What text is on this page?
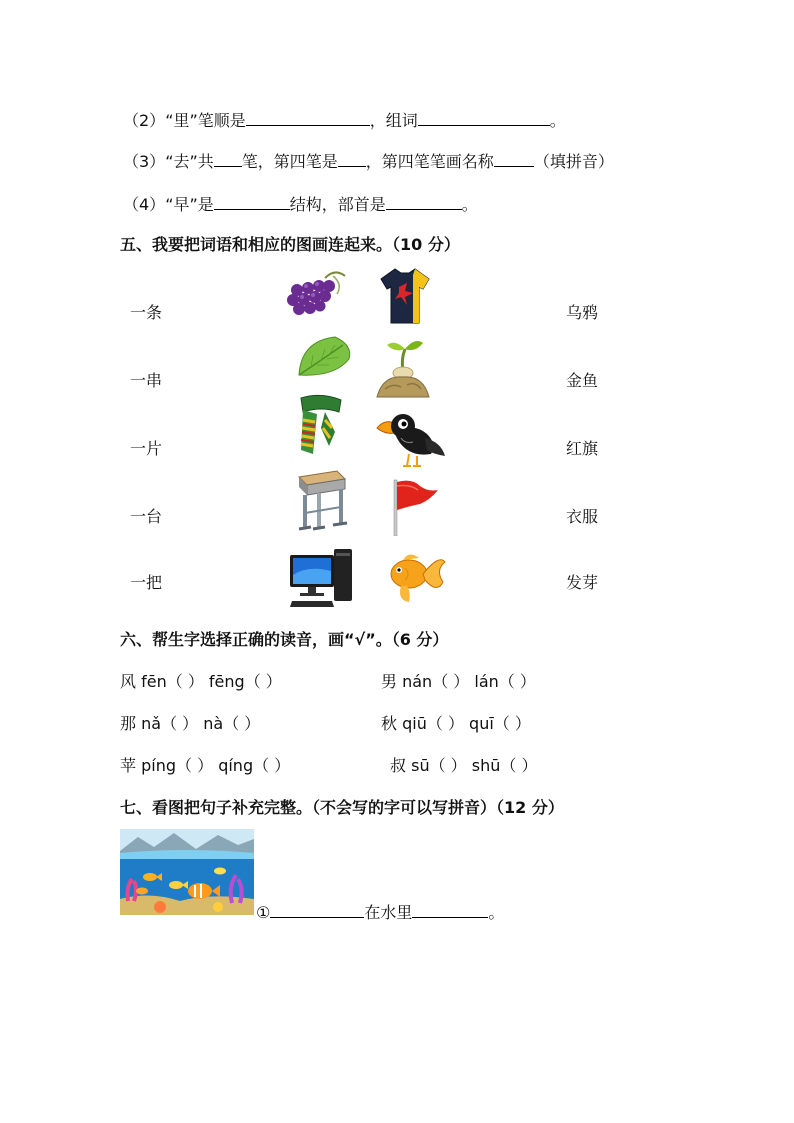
（2）“里”笔顺是	，组词	。
（3）“去”共 笔，第四笔是 ，第四笔笔画名称	（填拼音）
（4）“早”是	结构，部首是	。
五、我要把词语和相应的图画连起来。（10 分）
一条
一串
一片
一台
一把
乌鸦
金鱼
红旗
衣服
发芽
六、帮生字选择正确的读音，画“√”。（6 分）
风 fēn（ ） fēng（ ）	男 nán（ ） lán（ ）
那 nǎ（ ） nà（ ）	秋 qiū（ ） quī（ ）
苹 píng（ ） qíng（ ）	叔 sū（ ） shū（ ）
七、看图把句子补充完整。（不会写的字可以写拼音）（12 分）
①	在水里	。
